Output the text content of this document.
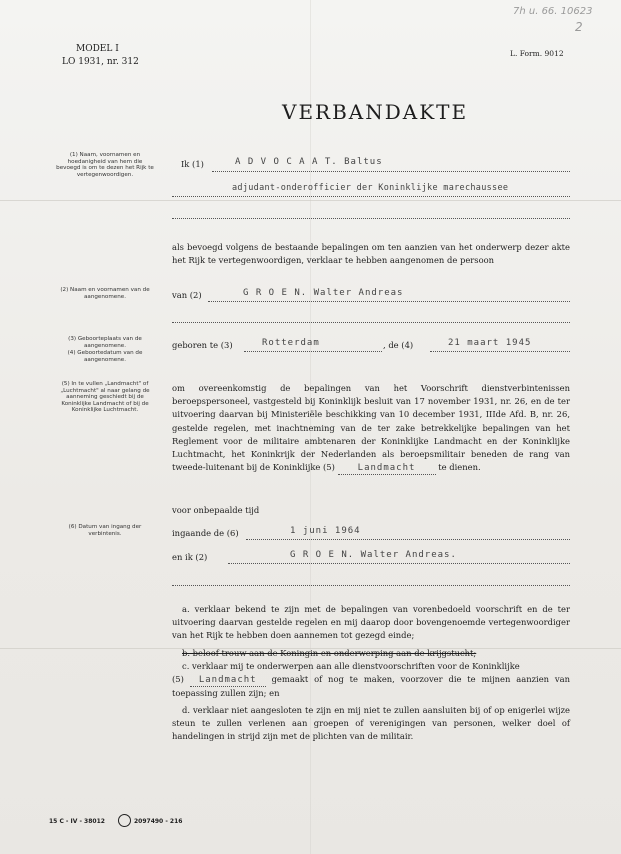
MODEL I
LO 1931, nr. 312
L. Form. 9012
7h u. 66. 10623
2
VERBANDAKTE
(1) Naam, voornamen en hoedanigheid van hem die bevoegd is om te dezen het Rijk te vertegenwoordigen.
(2) Naam en voornamen van de aangenomene.
(3) Geboorteplaats van de aangenomene.
(4) Geboortedatum van de aangenomene.
(5) In te vullen „Landmacht" of „Luchtmacht" al naar gelang de aanneming geschiedt bij de Koninklijke Landmacht of bij de Koninklijke Luchtmacht.
(6) Datum van ingang der verbintenis.
Ik (1)	A D V O C A A T. Baltus
adjudant-onderofficier der Koninklijke marechaussee
als bevoegd volgens de bestaande bepalingen om ten aanzien van het onderwerp dezer akte het Rijk te vertegenwoordigen, verklaar te hebben aangenomen de persoon
van (2)	G R O E N. Walter Andreas
geboren te (3)	Rotterdam	, de (4)	21 maart 1945
om overeenkomstig de bepalingen van het Voorschrift dienstverbintenissen beroepspersoneel, vastgesteld bij Koninklijk besluit van 17 november 1931, nr. 26, en de ter uitvoering daarvan bij Ministeriële beschikking van 10 december 1931, IIIde Afd. B, nr. 26, gestelde regelen, met inachtneming van de ter zake betrekkelijke bepalingen van het Reglement voor de militaire ambtenaren der Koninklijke Landmacht en der Koninklijke Luchtmacht, het Koninkrijk der Nederlanden als beroepsmilitair beneden de rang van tweede-luitenant bij de Koninklijke (5)	Landmacht	te dienen.
voor onbepaalde tijd
ingaande de (6)	1 juni 1964
en ik (2)	G R O E N. Walter Andreas.
a. verklaar bekend te zijn met de bepalingen van vorenbedoeld voorschrift en de ter uitvoering daarvan gestelde regelen en mij daarop door bovengenoemde vertegenwoordiger van het Rijk te hebben doen aannemen tot gezegd einde;
b. beloof trouw aan de Koningin en onderwerping aan de krijgstucht;
c. verklaar mij te onderwerpen aan alle dienstvoorschriften voor de Koninklijke
(5) Landmacht gemaakt of nog te maken, voorzover die te mijnen aanzien van toepassing zullen zijn; en
d. verklaar niet aangesloten te zijn en mij niet te zullen aansluiten bij of op enigerlei wijze steun te zullen verlenen aan groepen of verenigingen van personen, welker doel of handelingen in strijd zijn met de plichten van de militair.
15 C - IV - 38012	2097490 - 216
